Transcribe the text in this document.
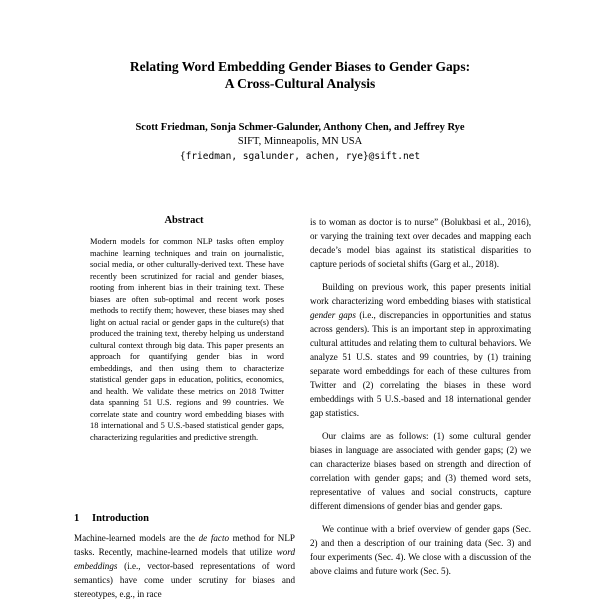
Relating Word Embedding Gender Biases to Gender Gaps:
A Cross-Cultural Analysis
Scott Friedman, Sonja Schmer-Galunder, Anthony Chen, and Jeffrey Rye
SIFT, Minneapolis, MN USA
{friedman, sgalunder, achen, rye}@sift.net
Abstract
Modern models for common NLP tasks often employ machine learning techniques and train on journalistic, social media, or other culturally-derived text. These have recently been scrutinized for racial and gender biases, rooting from inherent bias in their training text. These biases are often sub-optimal and recent work poses methods to rectify them; however, these biases may shed light on actual racial or gender gaps in the culture(s) that produced the training text, thereby helping us understand cultural context through big data. This paper presents an approach for quantifying gender bias in word embeddings, and then using them to characterize statistical gender gaps in education, politics, economics, and health. We validate these metrics on 2018 Twitter data spanning 51 U.S. regions and 99 countries. We correlate state and country word embedding biases with 18 international and 5 U.S.-based statistical gender gaps, characterizing regularities and predictive strength.
1 Introduction
Machine-learned models are the de facto method for NLP tasks. Recently, machine-learned models that utilize word embeddings (i.e., vector-based representations of word semantics) have come under scrutiny for biases and stereotypes, e.g., in race

is to woman as doctor is to nurse” (Bolukbasi et al., 2016), or varying the training text over decades and mapping each decade’s model bias against its statistical disparities to capture periods of societal shifts (Garg et al., 2018).

Building on previous work, this paper presents initial work characterizing word embedding biases with statistical gender gaps (i.e., discrepancies in opportunities and status across genders). This is an important step in approximating cultural attitudes and relating them to cultural behaviors. We analyze 51 U.S. states and 99 countries, by (1) training separate word embeddings for each of these cultures from Twitter and (2) correlating the biases in these word embeddings with 5 U.S.-based and 18 international gender gap statistics.

Our claims are as follows: (1) some cultural gender biases in language are associated with gender gaps; (2) we can characterize biases based on strength and direction of correlation with gender gaps; and (3) themed word sets, representative of values and social constructs, capture different dimensions of gender bias and gender gaps.

We continue with a brief overview of gender gaps (Sec. 2) and then a description of our training data (Sec. 3) and four experiments (Sec. 4). We close with a discussion of the above claims and future work (Sec. 5).
